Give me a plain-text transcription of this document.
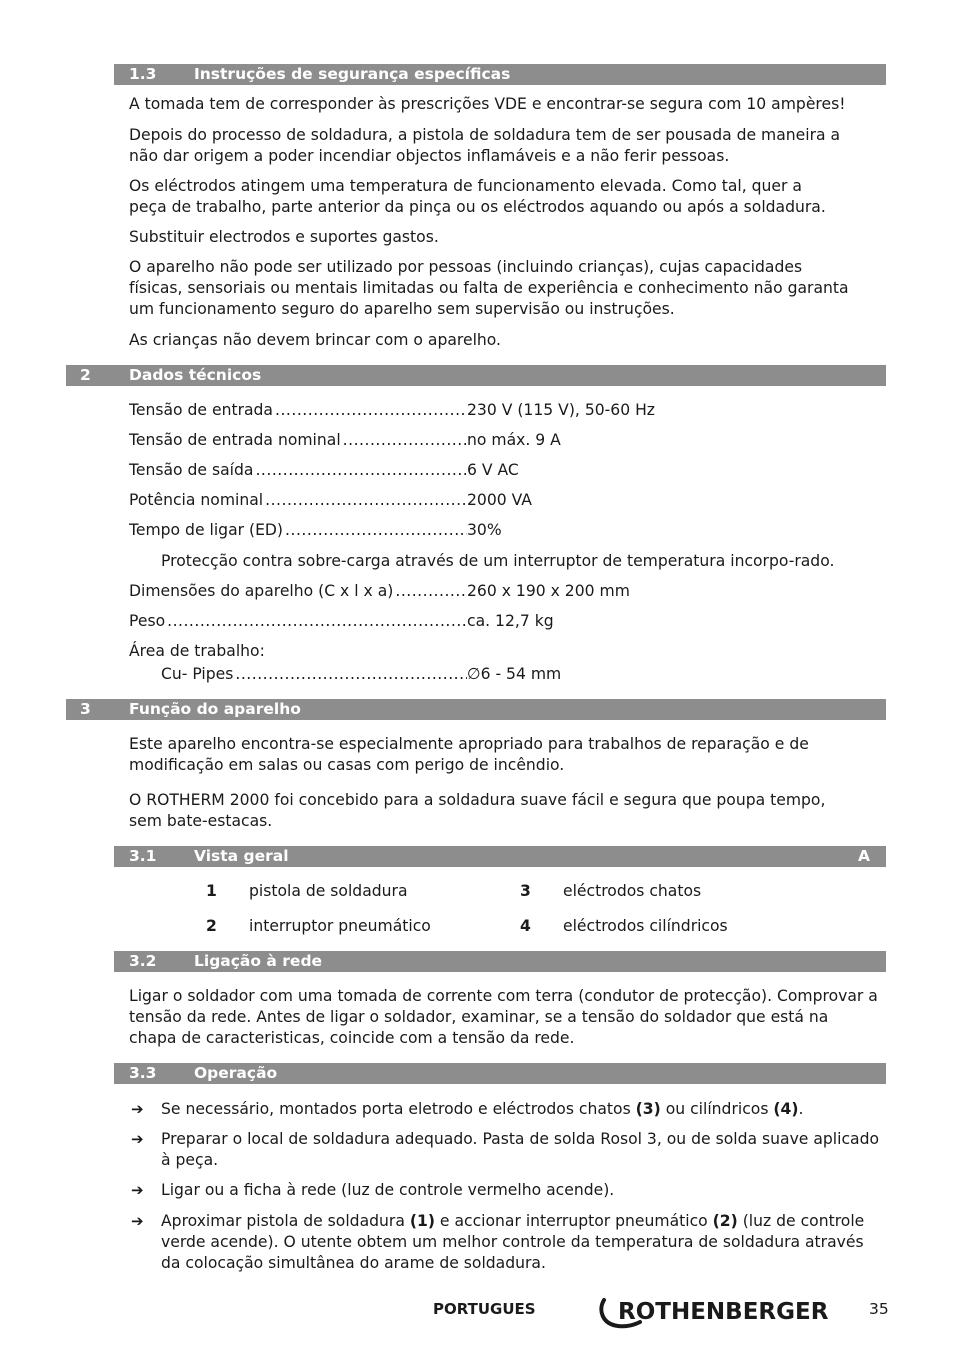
1.3 Instruções de segurança específicas

A tomada tem de corresponder às prescrições VDE e encontrar-se segura com 10 ampères!

Depois do processo de soldadura, a pistola de soldadura tem de ser pousada de maneira a não dar origem a poder incendiar objectos inflamáveis e a não ferir pessoas.

Os eléctrodos atingem uma temperatura de funcionamento elevada. Como tal, quer a peça de trabalho, parte anterior da pinça ou os eléctrodos aquando ou após a soldadura.

Substituir electrodos e suportes gastos.

O aparelho não pode ser utilizado por pessoas (incluindo crianças), cujas capacidades físicas, sensoriais ou mentais limitadas ou falta de experiência e conhecimento não garanta um funcionamento seguro do aparelho sem supervisão ou instruções.

As crianças não devem brincar com o aparelho.

2 Dados técnicos
Tensão de entrada .....	230 V (115 V), 50-60 Hz
Tensão de entrada nominal .....	no máx. 9 A
Tensão de saída .....	6 V AC
Potência nominal .....	2000 VA
Tempo de ligar (ED) .....	30%

Protecção contra sobre-carga através de um interruptor de temperatura incorpo-rado.

Dimensões do aparelho (C x l x a) .....	260 x 190 x 200 mm
Peso .....	ca. 12,7 kg

Área de trabalho:

Cu- Pipes .....	∅6 - 54 mm
3 Função do aparelho

Este aparelho encontra-se especialmente apropriado para trabalhos de reparação e de modificação em salas ou casas com perigo de incêndio.

O ROTHERM 2000 foi concebido para a soldadura suave fácil e segura que poupa tempo, sem bate-estacas.

3.1 Vista geral	A
1 pistola de soldadura
2 interruptor pneumático
3 eléctrodos chatos
4 eléctrodos cilíndricos
3.2 Ligação à rede

Ligar o soldador com uma tomada de corrente com terra (condutor de protecção). Comprovar a tensão da rede. Antes de ligar o soldador, examinar, se a tensão do soldador que está na chapa de caracteristicas, coincide com a tensão da rede.

3.3 Operação
➔ Se necessário, montados porta eletrodo e eléctrodos chatos (3) ou cilíndricos (4).
➔ Preparar o local de soldadura adequado. Pasta de solda Rosol 3, ou de solda suave aplicado à peça.
➔ Ligar ou a ficha à rede (luz de controle vermelho acende).
➔ Aproximar pistola de soldadura (1) e accionar interruptor pneumático (2) (luz de controle verde acende). O utente obtem um melhor controle da temperatura de soldadura através da colocação simultânea do arame de soldadura.
PORTUGUES	ROTHENBERGER	35
